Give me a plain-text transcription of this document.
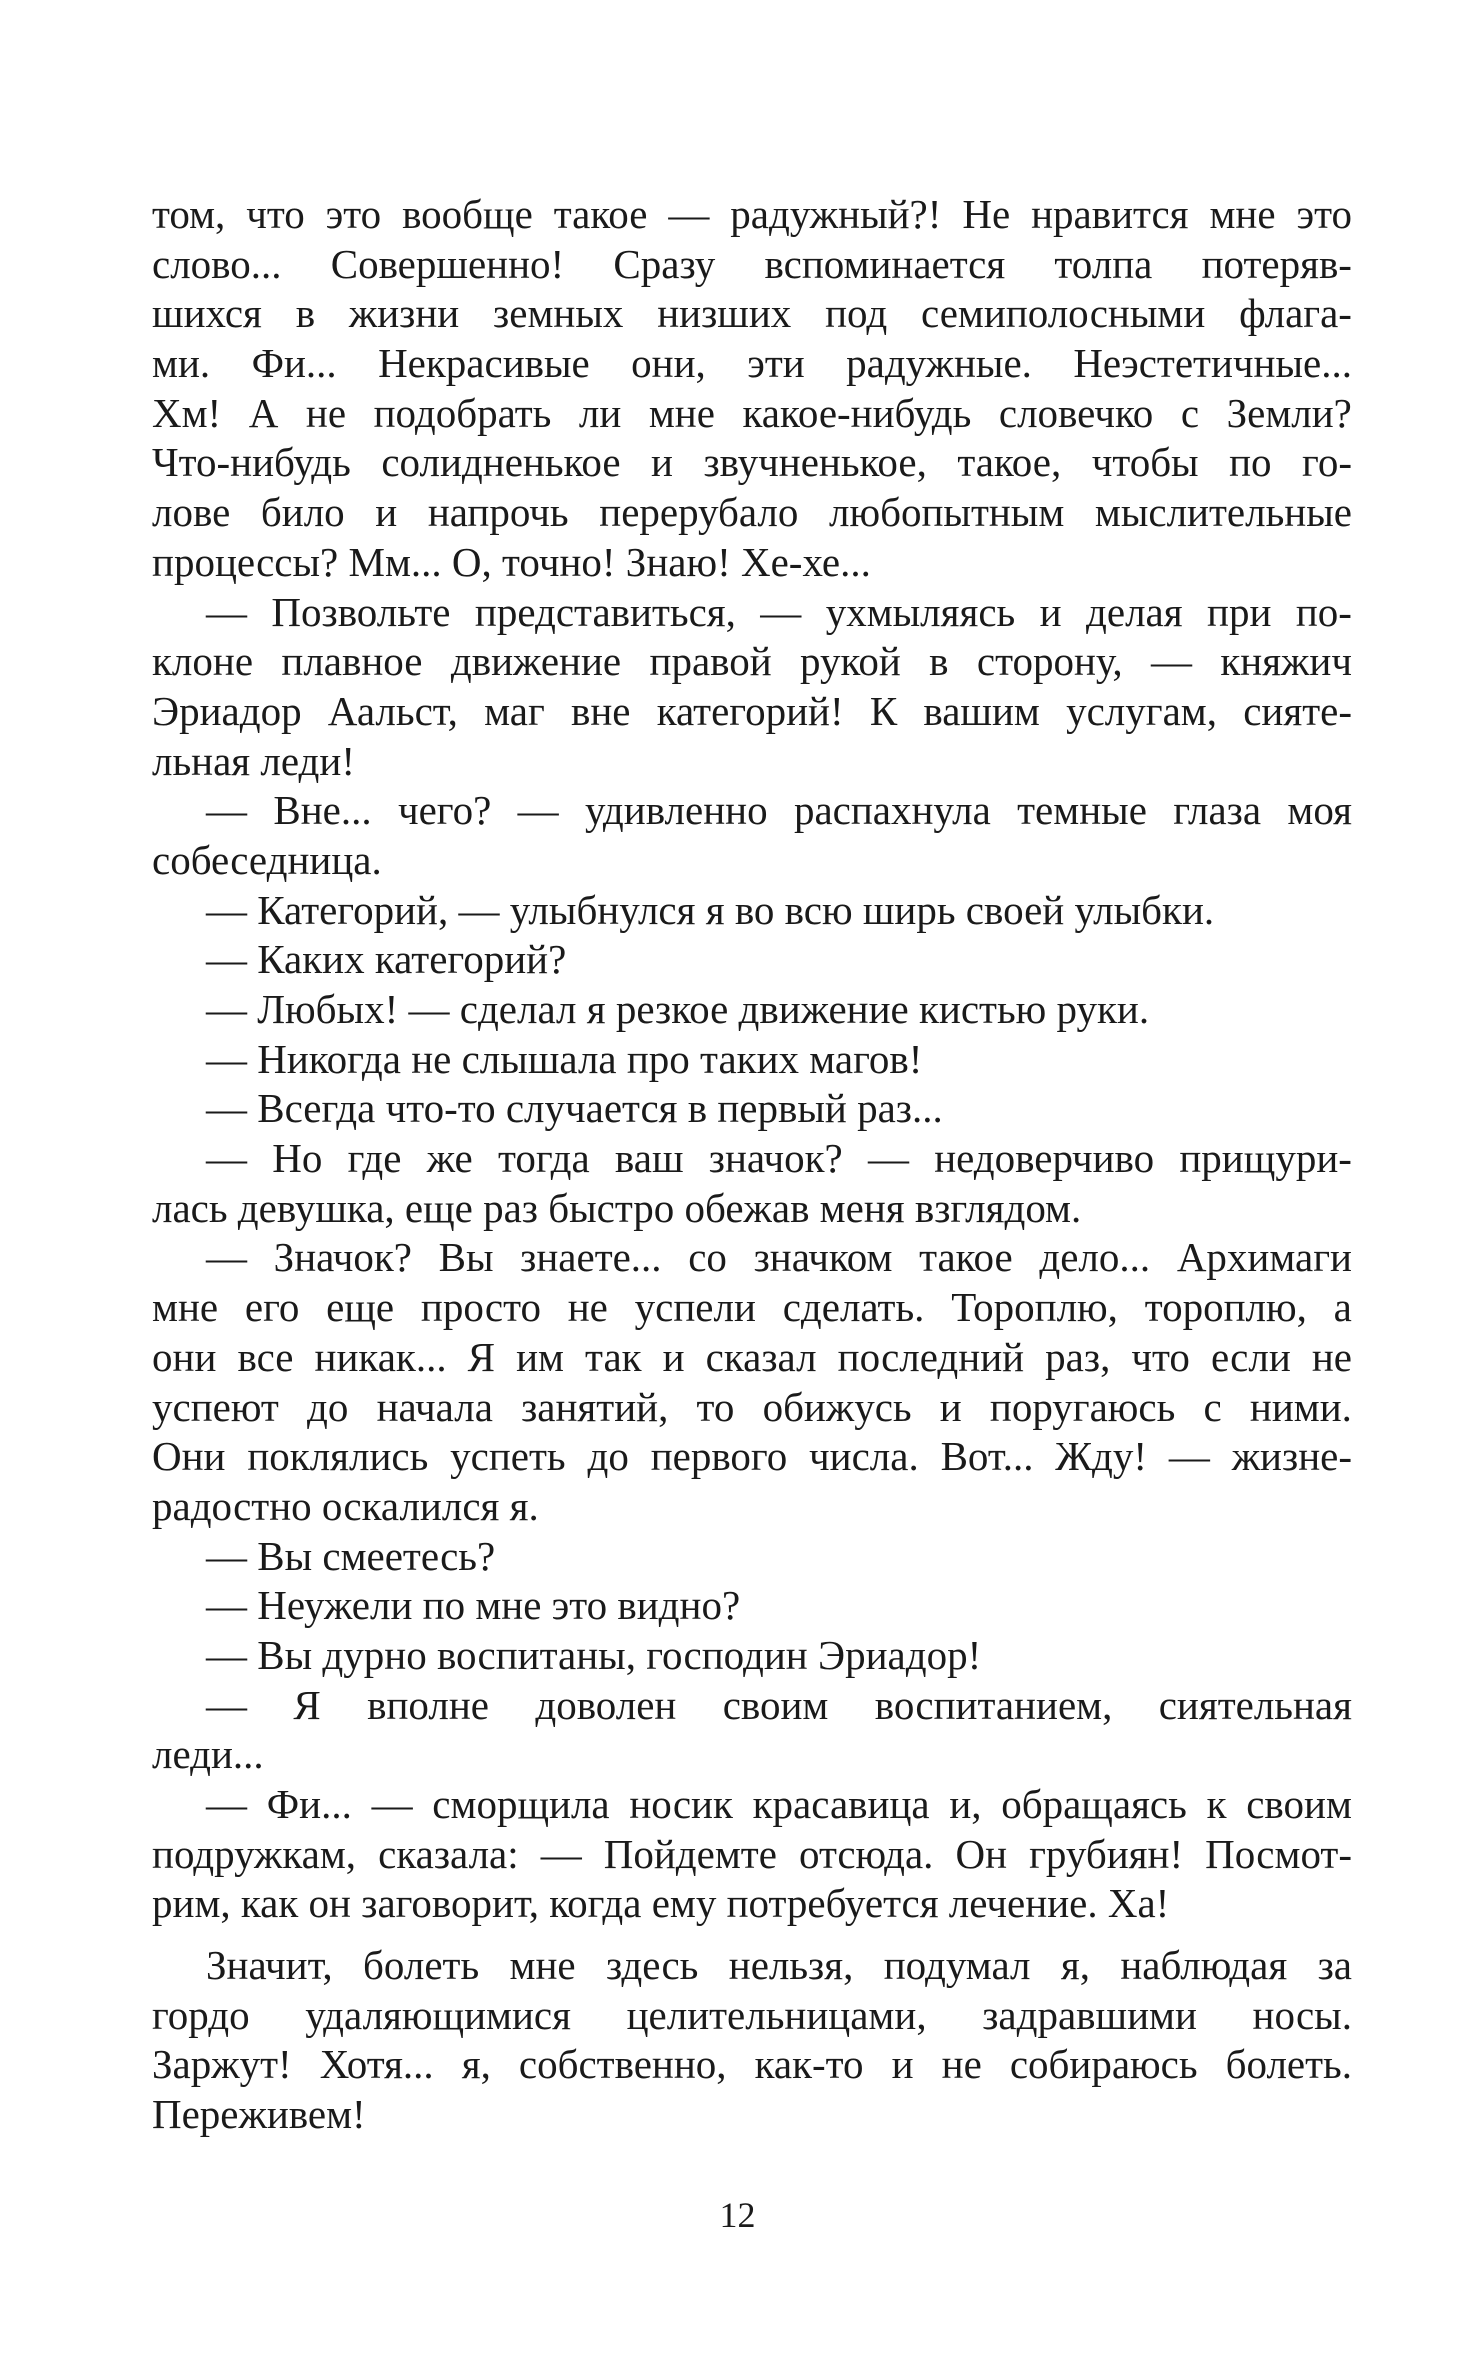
том, что это вообще такое — радужный?! Не нравится мне это
слово... Совершенно! Сразу вспоминается толпа потеряв-
шихся в жизни земных низших под семиполосными флага-
ми. Фи... Некрасивые они, эти радужные. Неэстетичные...
Хм! А не подобрать ли мне какое-нибудь словечко с Земли?
Что-нибудь солидненькое и звучненькое, такое, чтобы по го-
лове било и напрочь перерубало любопытным мыслительные
процессы? Мм... О, точно! Знаю! Хе-хе...
— Позвольте представиться, — ухмыляясь и делая при по-
клоне плавное движение правой рукой в сторону, — княжич
Эриадор Аальст, маг вне категорий! К вашим услугам, сияте-
льная леди!
— Вне... чего? — удивленно распахнула темные глаза моя
собеседница.
— Категорий, — улыбнулся я во всю ширь своей улыбки.
— Каких категорий?
— Любых! — сделал я резкое движение кистью руки.
— Никогда не слышала про таких магов!
— Всегда что-то случается в первый раз...
— Но где же тогда ваш значок? — недоверчиво прищури-
лась девушка, еще раз быстро обежав меня взглядом.
— Значок? Вы знаете... со значком такое дело... Архимаги
мне его еще просто не успели сделать. Тороплю, тороплю, а
они все никак... Я им так и сказал последний раз, что если не
успеют до начала занятий, то обижусь и поругаюсь с ними.
Они поклялись успеть до первого числа. Вот... Жду! — жизне-
радостно оскалился я.
— Вы смеетесь?
— Неужели по мне это видно?
— Вы дурно воспитаны, господин Эриадор!
— Я вполне доволен своим воспитанием, сиятельная
леди...
— Фи... — сморщила носик красавица и, обращаясь к своим
подружкам, сказала: — Пойдемте отсюда. Он грубиян! Посмот-
рим, как он заговорит, когда ему потребуется лечение. Ха!
Значит, болеть мне здесь нельзя, подумал я, наблюдая за
гордо удаляющимися целительницами, задравшими носы.
Заржут! Хотя... я, собственно, как-то и не собираюсь болеть.
Переживем!
12
